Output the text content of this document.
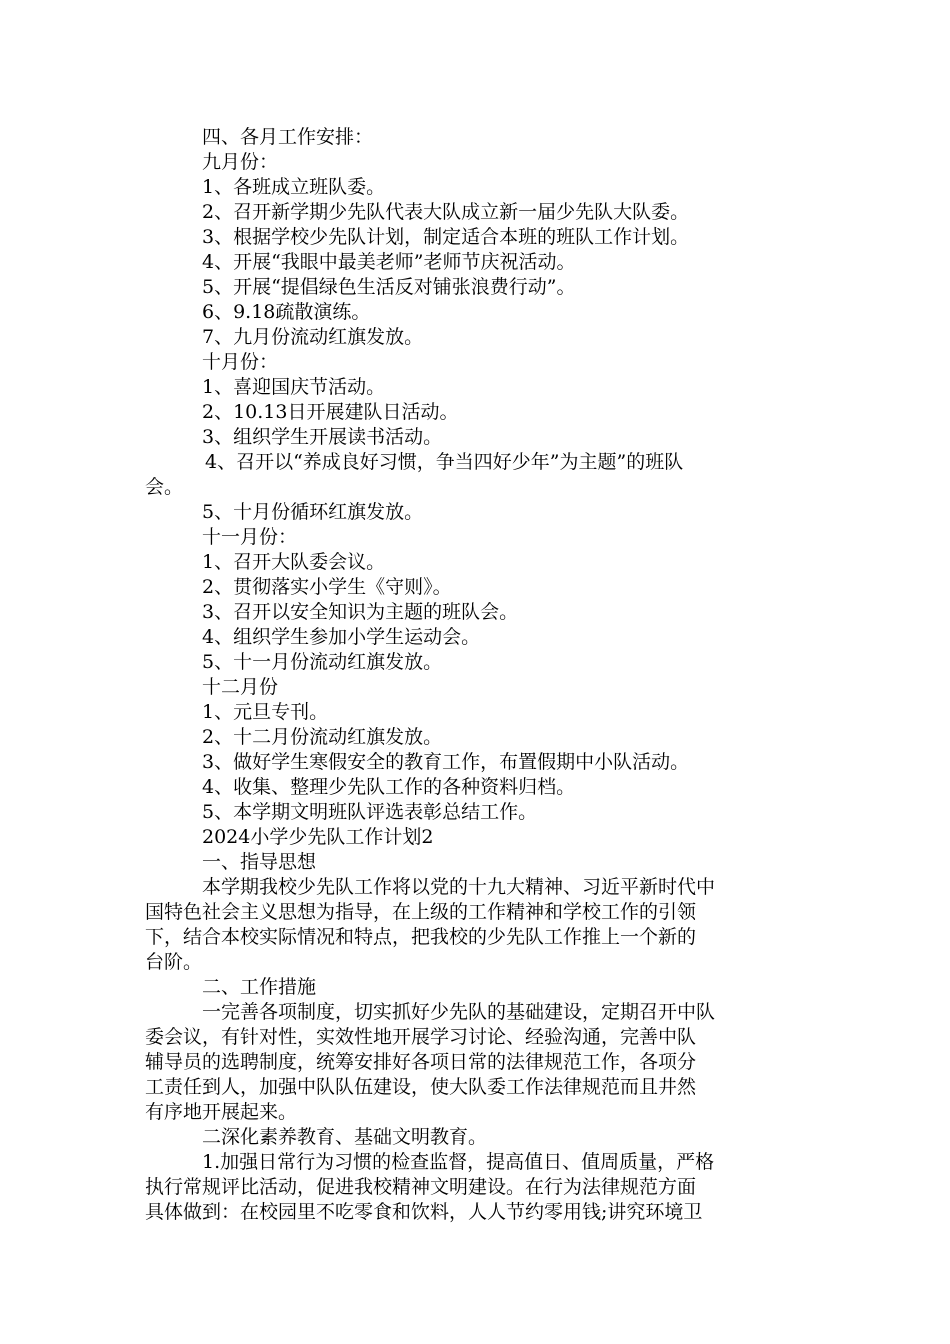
四、各月工作安排：
九月份：
1、各班成立班队委。
2、召开新学期少先队代表大队成立新一届少先队大队委。
3、根据学校少先队计划，制定适合本班的班队工作计划。
4、开展“我眼中最美老师”老师节庆祝活动。
5、开展“提倡绿色生活反对铺张浪费行动”。
6、9.18疏散演练。
7、九月份流动红旗发放。
十月份：
1、喜迎国庆节活动。
2、10.13日开展建队日活动。
3、组织学生开展读书活动。
4、召开以“养成良好习惯，争当四好少年”为主题”的班队
会。
5、十月份循环红旗发放。
十一月份：
1、召开大队委会议。
2、贯彻落实小学生《守则》。
3、召开以安全知识为主题的班队会。
4、组织学生参加小学生运动会。
5、十一月份流动红旗发放。
十二月份
1、元旦专刊。
2、十二月份流动红旗发放。
3、做好学生寒假安全的教育工作，布置假期中小队活动。
4、收集、整理少先队工作的各种资料归档。
5、本学期文明班队评选表彰总结工作。
2024小学少先队工作计划2
一、指导思想
本学期我校少先队工作将以党的十九大精神、习近平新时代中
国特色社会主义思想为指导，在上级的工作精神和学校工作的引领
下，结合本校实际情况和特点，把我校的少先队工作推上一个新的
台阶。
二、工作措施
一完善各项制度，切实抓好少先队的基础建设，定期召开中队
委会议，有针对性，实效性地开展学习讨论、经验沟通，完善中队
辅导员的选聘制度，统筹安排好各项日常的法律规范工作，各项分
工责任到人，加强中队队伍建设，使大队委工作法律规范而且井然
有序地开展起来。
二深化素养教育、基础文明教育。
1.加强日常行为习惯的检查监督，提高值日、值周质量，严格
执行常规评比活动，促进我校精神文明建设。在行为法律规范方面
具体做到：在校园里不吃零食和饮料，人人节约零用钱;讲究环境卫
